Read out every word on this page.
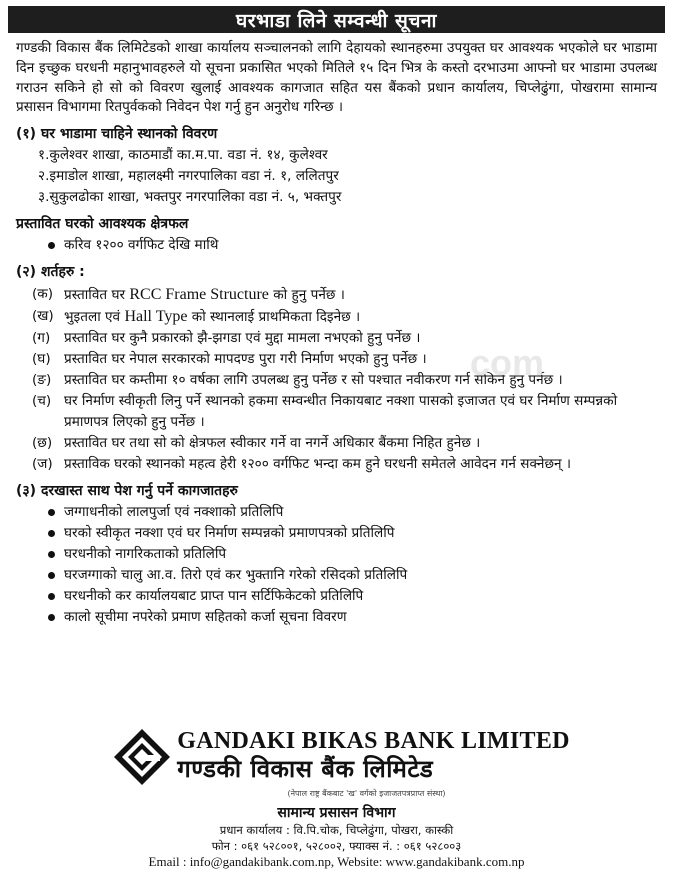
com
घरभाडा लिने सम्वन्धी सूचना

गण्डकी विकास बैंक लिमिटेडको शाखा कार्यालय सञ्चालनको लागि देहायको स्थानहरुमा उपयुक्त घर आवश्यक भएकोले घर भाडामा दिन इच्छुक घरधनी महानुभावहरुले यो सूचना प्रकासित भएको मितिले १५ दिन भित्र के कस्तो दरभाउमा आफ्नो घर भाडामा उपलब्ध गराउन सकिने हो सो को विवरण खुलाई आवश्यक कागजात सहित यस बैंकको प्रधान कार्यालय, चिप्लेढुंगा, पोखरामा सामान्य प्रसासन विभागमा रितपुर्वकको निवेदन पेश गर्नु हुन अनुरोध गरिन्छ ।

(१) घर भाडामा चाहिने स्थानको विवरण
१.कुलेश्वर शाखा, काठमाडौं का.म.पा. वडा नं. १४, कुलेश्वर
२.इमाडोल शाखा, महालक्ष्मी नगरपालिका वडा नं. १, ललितपुर
३.सुकुलढोका शाखा, भक्तपुर नगरपालिका वडा नं. ५, भक्तपुर
प्रस्तावित घरको आवश्यक क्षेत्रफल
करिव १२०० वर्गफिट देखि माथि
(२) शर्तहरु :
(क) प्रस्तावित घर RCC Frame Structure को हुनु पर्नेछ ।
(ख) भुइतला एवं Hall Type को स्थानलाई प्राथमिकता दिइनेछ ।
(ग)	प्रस्तावित घर कुनै प्रकारको झै-झगडा एवं मुद्दा मामला नभएको हुनु पर्नेछ ।
(घ) प्रस्तावित घर नेपाल सरकारको मापदण्ड पुरा गरी निर्माण भएको हुनु पर्नेछ ।
(ङ) प्रस्तावित घर कम्तीमा १० वर्षका लागि उपलब्ध हुनु पर्नेछ र सो पश्चात नवीकरण गर्न सकिने हुनु पर्नेछ ।
(च) घर निर्माण स्वीकृती लिनु पर्ने स्थानको हकमा सम्वन्धीत निकायबाट नक्शा पासको इजाजत एवं घर निर्माण सम्पन्नको प्रमाणपत्र लिएको हुनु पर्नेछ ।
(छ) प्रस्तावित घर तथा सो को क्षेत्रफल स्वीकार गर्ने वा नगर्ने अधिकार बैंकमा निहित हुनेछ ।
(ज) प्रस्ताविक घरको स्थानको महत्व हेरी १२०० वर्गफिट भन्दा कम हुने घरधनी समेतले आवेदन गर्न सक्नेछन् ।
(३) दरखास्त साथ पेश गर्नु पर्ने कागजातहरु
जग्गाधनीको लालपुर्जा एवं नक्शाको प्रतिलिपि
घरको स्वीकृत नक्शा एवं घर निर्माण सम्पन्नको प्रमाणपत्रको प्रतिलिपि
घरधनीको नागरिकताको प्रतिलिपि
घरजग्गाको चालु आ.व. तिरो एवं कर भुक्तानि गरेको रसिदको प्रतिलिपि
घरधनीको कर कार्यालयबाट प्राप्त पान सर्टिफिकेटको प्रतिलिपि
कालो सूचीमा नपरेको प्रमाण सहितको कर्जा सूचना विवरण
GANDAKI BIKAS BANK LIMITED
गण्डकी विकास बैंक लिमिटेड
(नेपाल राष्ट्र बैंकबाट 'ख' वर्गको इजाजतपत्रप्राप्त संस्था)
सामान्य प्रसासन विभाग
प्रधान कार्यालय : वि.पि.चोक, चिप्लेढुंगा, पोखरा, कास्की
फोन : ०६१ ५२८००१, ५२८००२, फ्याक्स नं. : ०६१ ५२८००३
Email : info@gandakibank.com.np, Website: www.gandakibank.com.np
